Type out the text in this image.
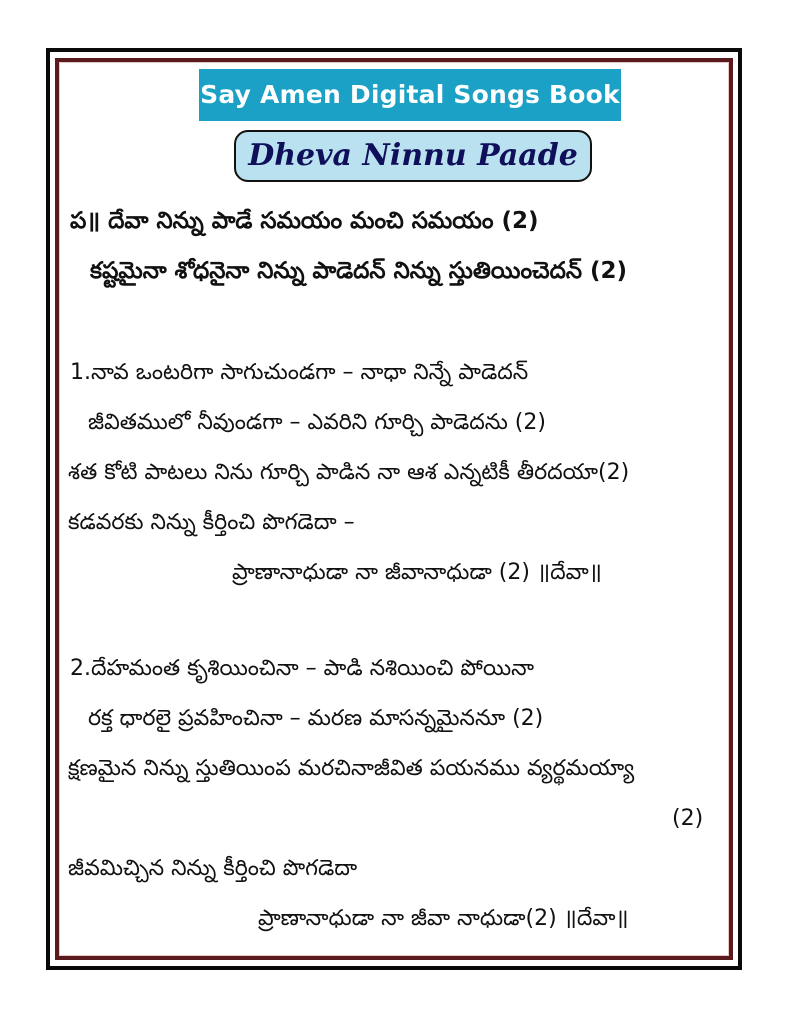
Say Amen Digital Songs Book
Dheva Ninnu Paade
ప॥ దేవా నిన్ను పాడే సమయం మంచి సమయం (2)
కష్టమైనా శోధనైనా నిన్ను పాడెదన్ నిన్ను స్తుతియించెదన్ (2)
1.నావ ఒంటరిగా సాగుచుండగా – నాధా నిన్నే పాడెదన్
జీవితములో నీవుండగా – ఎవరిని గూర్చి పాడెదను (2)
శత కోటి పాటలు నిను గూర్చి పాడిన నా ఆశ ఎన్నటికీ తీరదయా(2)
కడవరకు నిన్ను కీర్తించి పొగడెదా –
ప్రాణానాధుడా నా జీవానాధుడా (2) ॥దేవా॥
2.దేహమంత కృశియించినా – పాడి నశియించి పోయినా
రక్త ధారలై ప్రవహించినా – మరణ మాసన్నమైననూ (2)
క్షణమైన నిన్ను స్తుతియింప మరచినాజీవిత పయనము వ్యర్థమయ్యా
(2)
జీవమిచ్చిన నిన్ను కీర్తించి పొగడెదా
ప్రాణానాధుడా నా జీవా నాధుడా(2) ॥దేవా॥
